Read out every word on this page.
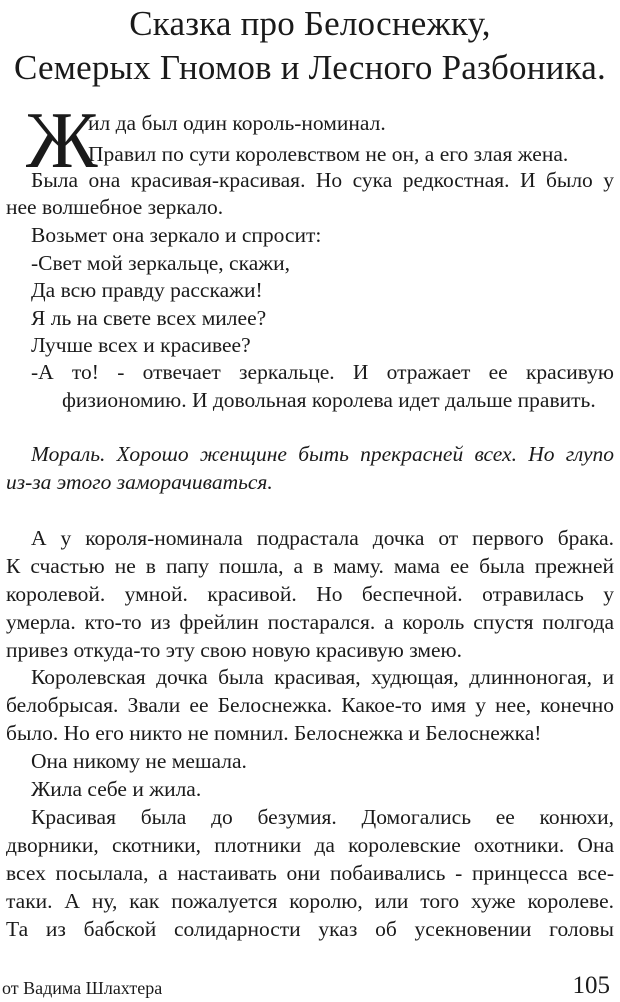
Сказка про Белоснежку,
Семерых Гномов и Лесного Разбоника.
Ж
ил да был один король-номинал.
Правил по сути королевством не он, а его злая жена.
Была она красивая-красивая. Но сука редкостная. И было у
нее волшебное зеркало.
Возьмет она зеркало и спросит:
-Свет мой зеркальце, скажи,
Да всю правду расскажи!
Я ль на свете всех милее?
Лучше всех и красивее?
-А то! - отвечает зеркальце. И отражает ее красивую
физиономию. И довольная королева идет дальше править.
Мораль. Хорошо женщине быть прекрасней всех. Но глупо
из-за этого заморачиваться.
А у короля-номинала подрастала дочка от первого брака.
К счастью не в папу пошла, а в маму. мама ее была прежней
королевой. умной. красивой. Но беспечной. отравилась у
умерла. кто-то из фрейлин постарался. а король спустя полгода
привез откуда-то эту свою новую красивую змею.
Королевская дочка была красивая, худющая, длинноногая, и
белобрысая. Звали ее Белоснежка. Какое-то имя у нее, конечно
было. Но его никто не помнил. Белоснежка и Белоснежка!
Она никому не мешала.
Жила себе и жила.
Красивая была до безумия. Домогались ее конюхи,
дворники, скотники, плотники да королевские охотники. Она
всех посылала, а настаивать они побаивались - принцесса все-
таки. А ну, как пожалуется королю, или того хуже королеве.
Та из бабской солидарности указ об усекновении головы
от Вадима Шлахтера	105
